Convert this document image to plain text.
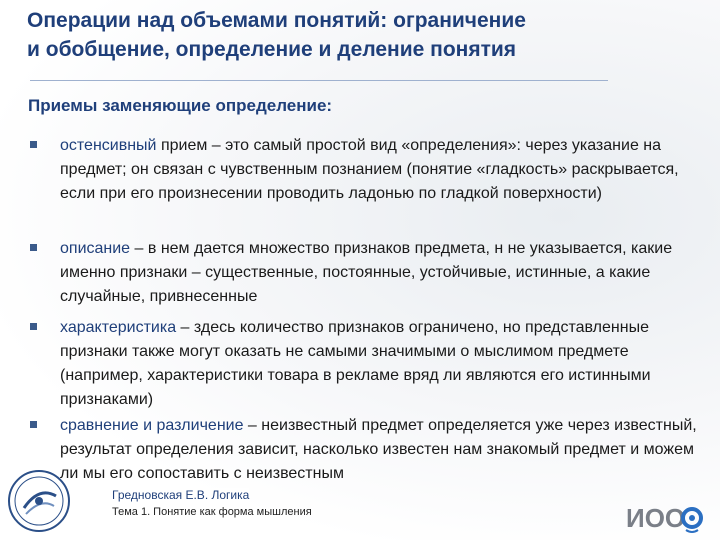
Операции над объемами понятий: ограничение
и обобщение, определение и деление понятия
Приемы заменяющие определение:
остенсивный прием – это самый простой вид «определения»: через указание на предмет; он связан с чувственным познанием (понятие «гладкость» раскрывается, если при его произнесении проводить ладонью по гладкой поверхности)
описание – в нем дается множество признаков предмета, н не указывается, какие именно признаки – существенные, постоянные, устойчивые, истинные, а какие случайные, привнесенные
характеристика – здесь количество признаков ограничено, но представленные признаки также могут оказать не самыми значимыми о мыслимом предмете (например, характеристики товара в рекламе вряд ли являются его истинными признаками)
сравнение и различение – неизвестный предмет определяется уже через известный, результат определения зависит, насколько известен нам знакомый предмет и можем ли мы его сопоставить с неизвестным
Гредновская Е.В. Логика
Тема 1. Понятие как форма мышления	ИОО
